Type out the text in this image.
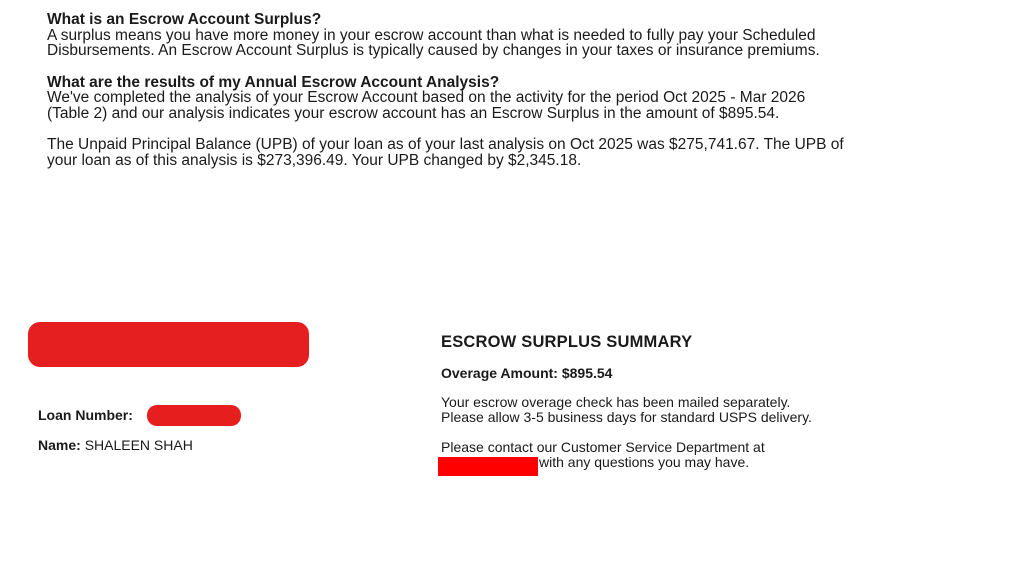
What is an Escrow Account Surplus?

A surplus means you have more money in your escrow account than what is needed to fully pay your Scheduled

Disbursements. An Escrow Account Surplus is typically caused by changes in your taxes or insurance premiums.

What are the results of my Annual Escrow Account Analysis?

We've completed the analysis of your Escrow Account based on the activity for the period Oct 2025 - Mar 2026

(Table 2) and our analysis indicates your escrow account has an Escrow Surplus in the amount of $895.54.

The Unpaid Principal Balance (UPB) of your loan as of your last analysis on Oct 2025 was $275,741.67. The UPB of

your loan as of this analysis is $273,396.49. Your UPB changed by $2,345.18.

Loan Number:
Name: SHALEEN SHAH

ESCROW SURPLUS SUMMARY

Overage Amount: $895.54

Your escrow overage check has been mailed separately.

Please allow 3-5 business days for standard USPS delivery.

Please contact our Customer Service Department at

with any questions you may have.
